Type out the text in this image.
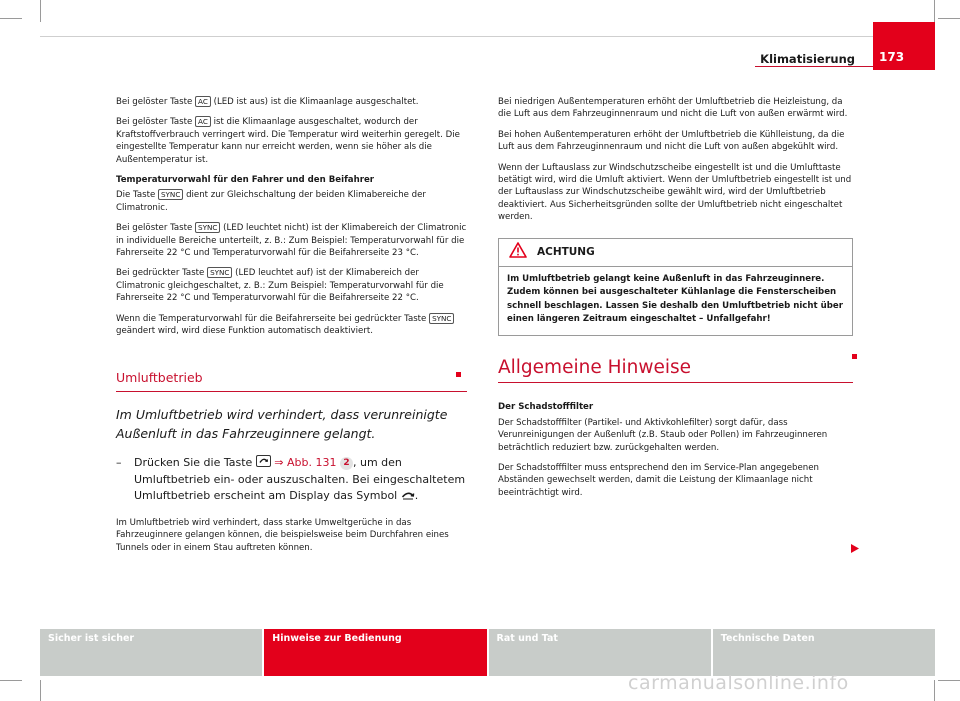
Klimatisierung	173

Bei gelöster Taste AC (LED ist aus) ist die Klimaanlage ausgeschaltet.

Bei gelöster Taste AC ist die Klimaanlage ausgeschaltet, wodurch der Kraftstoffverbrauch verringert wird. Die Temperatur wird weiterhin geregelt. Die eingestellte Temperatur kann nur erreicht werden, wenn sie höher als die Außentemperatur ist.

Temperaturvorwahl für den Fahrer und den Beifahrer

Die Taste SYNC dient zur Gleichschaltung der beiden Klimabereiche der Climatronic.

Bei gelöster Taste SYNC (LED leuchtet nicht) ist der Klimabereich der Climatronic in individuelle Bereiche unterteilt, z. B.: Zum Beispiel: Temperaturvorwahl für die Fahrerseite 22 °C und Temperaturvorwahl für die Beifahrerseite 23 °C.

Bei gedrückter Taste SYNC (LED leuchtet auf) ist der Klimabereich der Climatronic gleichgeschaltet, z. B.: Zum Beispiel: Temperaturvorwahl für die Fahrerseite 22 °C und Temperaturvorwahl für die Beifahrerseite 22 °C.

Wenn die Temperaturvorwahl für die Beifahrerseite bei gedrückter Taste SYNC geändert wird, wird diese Funktion automatisch deaktiviert.

Umluftbetrieb
Im Umluftbetrieb wird verhindert, dass verunreinigte Außenluft in das Fahrzeuginnere gelangt.
– Drücken Sie die Taste  ⇒ Abb. 131 2 , um den Umluftbetrieb ein- oder auszuschalten. Bei eingeschaltetem Umluftbetrieb erscheint am Display das Symbol .

Im Umluftbetrieb wird verhindert, dass starke Umweltgerüche in das Fahrzeuginnere gelangen können, die beispielsweise beim Durchfahren eines Tunnels oder in einem Stau auftreten können.

Bei niedrigen Außentemperaturen erhöht der Umluftbetrieb die Heizleistung, da die Luft aus dem Fahrzeuginnenraum und nicht die Luft von außen erwärmt wird.

Bei hohen Außentemperaturen erhöht der Umluftbetrieb die Kühlleistung, da die Luft aus dem Fahrzeuginnenraum und nicht die Luft von außen abgekühlt wird.

Wenn der Luftauslass zur Windschutzscheibe eingestellt ist und die Umlufttaste betätigt wird, wird die Umluft aktiviert. Wenn der Umluftbetrieb eingestellt ist und der Luftauslass zur Windschutzscheibe gewählt wird, wird der Umluftbetrieb deaktiviert. Aus Sicherheitsgründen sollte der Umluftbetrieb nicht eingeschaltet werden.

ACHTUNG
Im Umluftbetrieb gelangt keine Außenluft in das Fahrzeuginnere. Zudem können bei ausgeschalteter Kühlanlage die Fensterscheiben schnell beschlagen. Lassen Sie deshalb den Umluftbetrieb nicht über einen längeren Zeitraum eingeschaltet – Unfallgefahr!
Allgemeine Hinweise

Der Schadstofffilter

Der Schadstofffilter (Partikel- und Aktivkohlefilter) sorgt dafür, dass Verunreinigungen der Außenluft (z.B. Staub oder Pollen) im Fahrzeuginneren beträchtlich reduziert bzw. zurückgehalten werden.

Der Schadstofffilter muss entsprechend den im Service-Plan angegebenen Abständen gewechselt werden, damit die Leistung der Klimaanlage nicht beeinträchtigt wird.

Sicher ist sicher	Hinweise zur Bedienung	Rat und Tat	Technische Daten
carmanualsonline.info
